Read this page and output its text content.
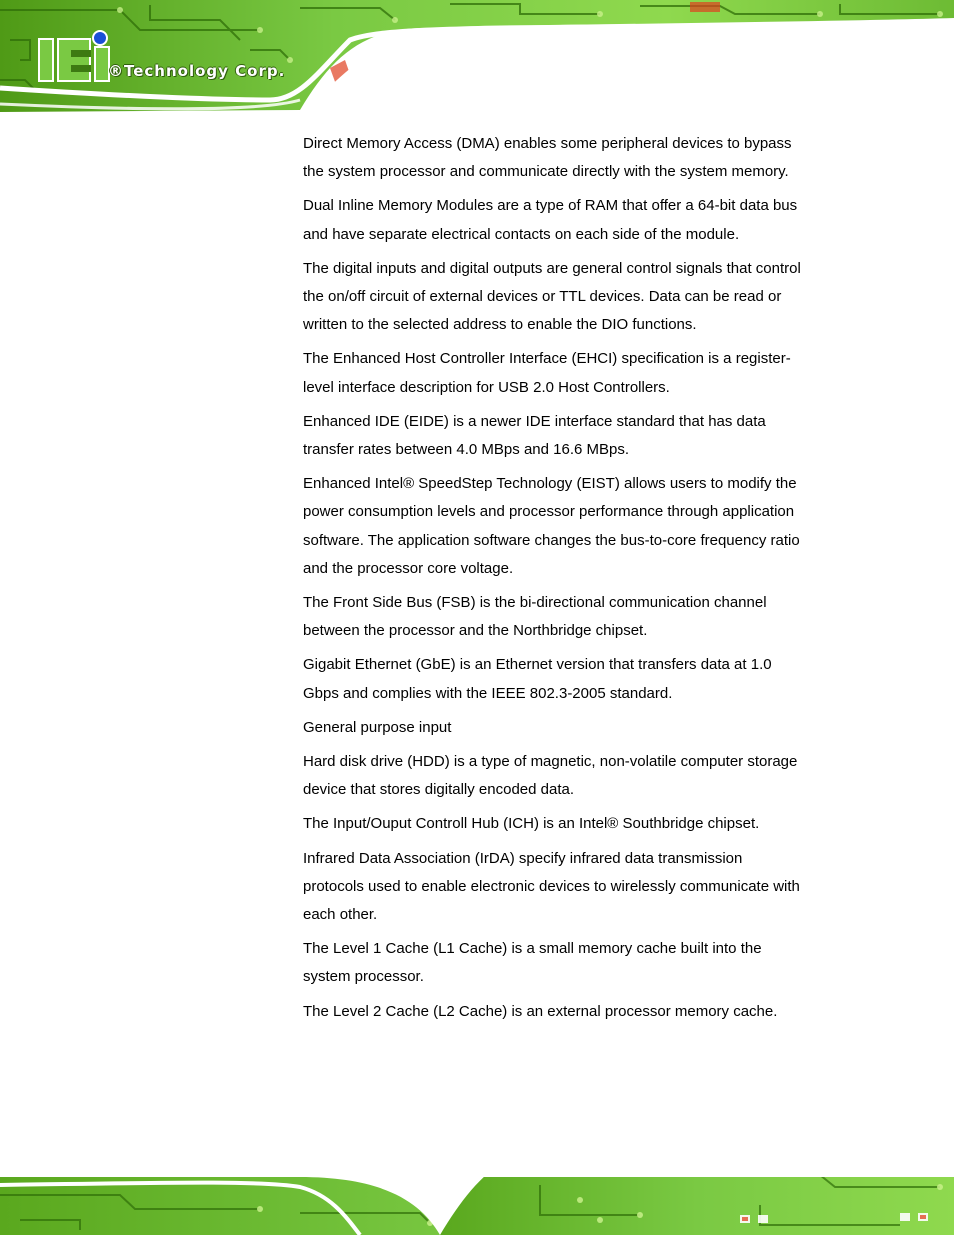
®Technology Corp.

Direct Memory Access (DMA) enables some peripheral devices to bypass the system processor and communicate directly with the system memory.

Dual Inline Memory Modules are a type of RAM that offer a 64-bit data bus and have separate electrical contacts on each side of the module.

The digital inputs and digital outputs are general control signals that control the on/off circuit of external devices or TTL devices. Data can be read or written to the selected address to enable the DIO functions.

The Enhanced Host Controller Interface (EHCI) specification is a register-level interface description for USB 2.0 Host Controllers.

Enhanced IDE (EIDE) is a newer IDE interface standard that has data transfer rates between 4.0 MBps and 16.6 MBps.

Enhanced Intel® SpeedStep Technology (EIST) allows users to modify the power consumption levels and processor performance through application software. The application software changes the bus-to-core frequency ratio and the processor core voltage.

The Front Side Bus (FSB) is the bi-directional communication channel between the processor and the Northbridge chipset.

Gigabit Ethernet (GbE) is an Ethernet version that transfers data at 1.0 Gbps and complies with the IEEE 802.3-2005 standard.

General purpose input

Hard disk drive (HDD) is a type of magnetic, non-volatile computer storage device that stores digitally encoded data.

The Input/Ouput Controll Hub (ICH) is an Intel® Southbridge chipset.

Infrared Data Association (IrDA) specify infrared data transmission protocols used to enable electronic devices to wirelessly communicate with each other.

The Level 1 Cache (L1 Cache) is a small memory cache built into the system processor.

The Level 2 Cache (L2 Cache) is an external processor memory cache.
